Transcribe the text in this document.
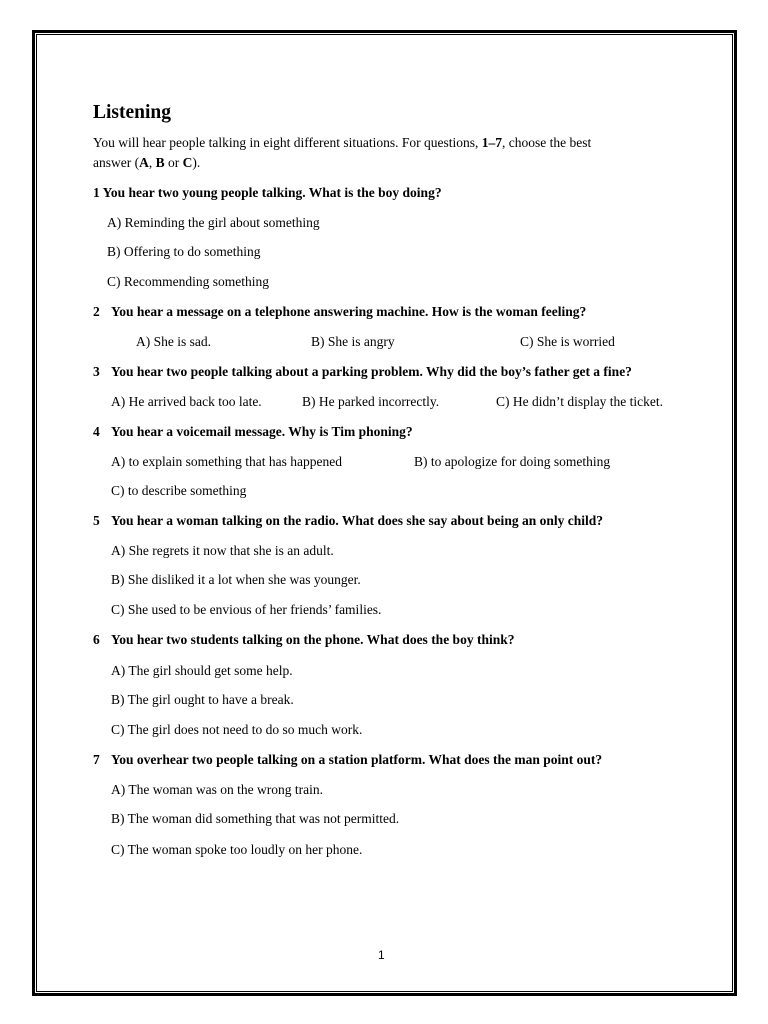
Listening
You will hear people talking in eight different situations. For questions, 1–7, choose the best
answer (A, B or C).
1 You hear two young people talking. What is the boy doing?
A) Reminding the girl about something
B) Offering to do something
C) Recommending something
2 You hear a message on a telephone answering machine. How is the woman feeling?
A) She is sad.	B) She is angry	C) She is worried
3 You hear two people talking about a parking problem. Why did the boy’s father get a fine?
A) He arrived back too late.	B) He parked incorrectly.	C) He didn’t display the ticket.
4 You hear a voicemail message. Why is Tim phoning?
A) to explain something that has happened	B) to apologize for doing something
C) to describe something
5 You hear a woman talking on the radio. What does she say about being an only child?
A) She regrets it now that she is an adult.
B) She disliked it a lot when she was younger.
C) She used to be envious of her friends’ families.
6 You hear two students talking on the phone. What does the boy think?
A) The girl should get some help.
B) The girl ought to have a break.
C) The girl does not need to do so much work.
7 You overhear two people talking on a station platform. What does the man point out?
A) The woman was on the wrong train.
B) The woman did something that was not permitted.
C) The woman spoke too loudly on her phone.
1
